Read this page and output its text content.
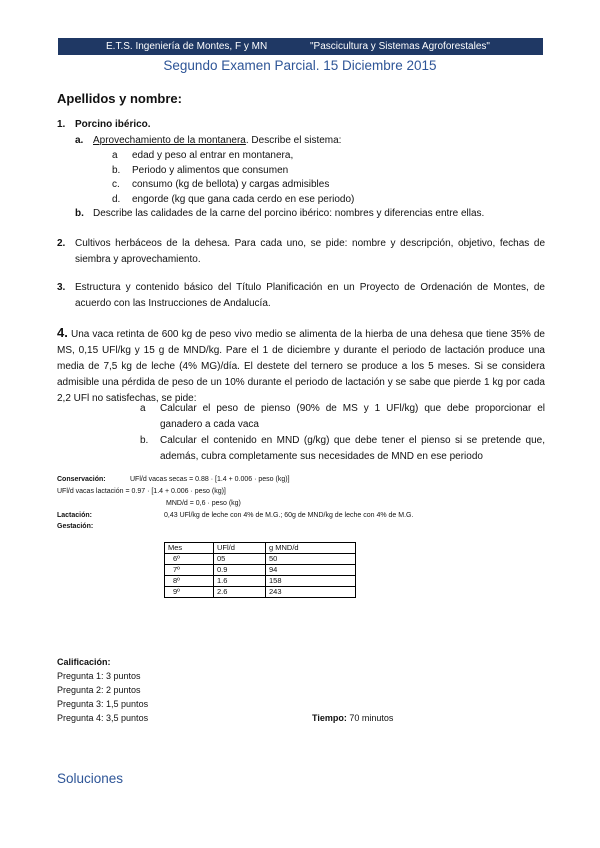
E.T.S. Ingeniería de Montes, F y MN	"Pascicultura y Sistemas Agroforestales"
Segundo Examen Parcial. 15 Diciembre 2015
Apellidos y nombre:
1. Porcino ibérico.
a. Aprovechamiento de la montanera. Describe el sistema:
a edad y peso al entrar en montanera,
b. Periodo y alimentos que consumen
c. consumo (kg de bellota) y cargas admisibles
d. engorde (kg que gana cada cerdo en ese periodo)
b. Describe las calidades de la carne del porcino ibérico: nombres y diferencias entre ellas.
2. Cultivos herbáceos de la dehesa. Para cada uno, se pide: nombre y descripción, objetivo, fechas de siembra y aprovechamiento.
3. Estructura y contenido básico del Título Planificación en un Proyecto de Ordenación de Montes, de acuerdo con las Instrucciones de Andalucía.
4. Una vaca retinta de 600 kg de peso vivo medio se alimenta de la hierba de una dehesa que tiene 35% de MS, 0,15 UFl/kg y 15 g de MND/kg. Pare el 1 de diciembre y durante el periodo de lactación produce una media de 7,5 kg de leche (4% MG)/día. El destete del ternero se produce a los 5 meses. Si se considera admisible una pérdida de peso de un 10% durante el periodo de lactación y se sabe que pierde 1 kg por cada 2,2 UFl no satisfechas, se pide:
a Calcular el peso de pienso (90% de MS y 1 UFl/kg) que debe proporcionar el ganadero a cada vaca
b. Calcular el contenido en MND (g/kg) que debe tener el pienso si se pretende que, además, cubra completamente sus necesidades de MND en ese periodo
Conservación:	UFl/d vacas secas = 0.88 · [1.4 + 0.006 · peso (kg)]
UFl/d vacas lactación = 0.97 · [1.4 + 0.006 · peso (kg)]
MND/d = 0,6 · peso (kg)
Lactación:	0,43 UFl/kg de leche con 4% de M.G.; 60g de MND/kg de leche con 4% de M.G.
Gestación:
Mes	UFl/d	g MND/d
6º	05	50
7º	0.9	94
8º	1.6	158
9º	2.6	243
Calificación:
Pregunta 1: 3 puntos
Pregunta 2: 2 puntos
Pregunta 3: 1,5 puntos
Pregunta 4: 3,5 puntos	Tiempo: 70 minutos
Soluciones
